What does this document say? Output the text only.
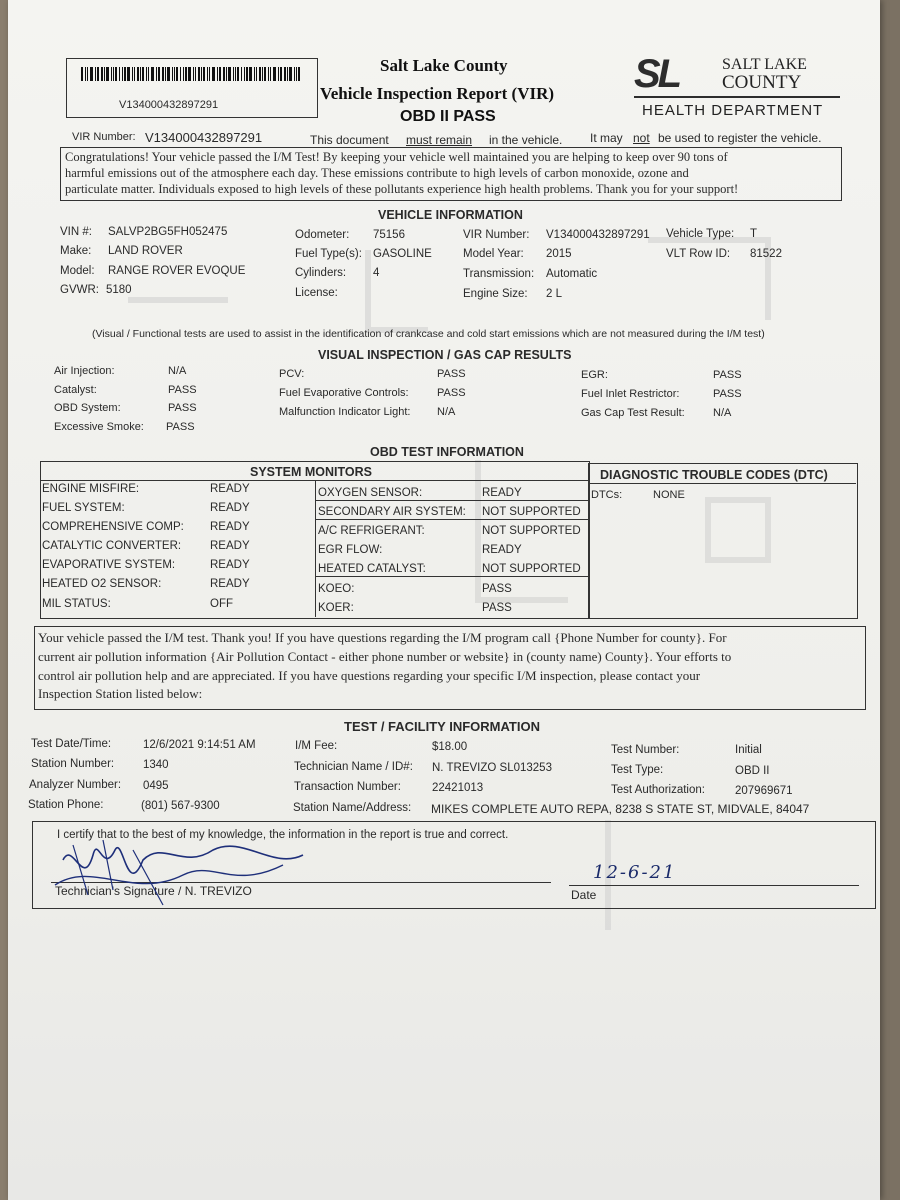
V134000432897291
Salt Lake County
Vehicle Inspection Report (VIR)
OBD II PASS
SL	SALT LAKE
COUNTY
HEALTH DEPARTMENT
VIR Number: V134000432897291	This document must remain in the vehicle. It may not be used to register the vehicle.
Congratulations! Your vehicle passed the I/M Test! By keeping your vehicle well maintained you are helping to keep over 90 tons of
harmful emissions out of the atmosphere each day. These emissions contribute to high levels of carbon monoxide, ozone and
particulate matter. Individuals exposed to high levels of these pollutants experience high health problems. Thank you for your support!
VEHICLE INFORMATION
VIN #: SALVP2BG5FH052475
Make: LAND ROVER
Model: RANGE ROVER EVOQUE
GVWR: 5180
Odometer: 75156
Fuel Type(s): GASOLINE
Cylinders: 4
License:
VIR Number: V134000432897291
Model Year: 2015
Transmission: Automatic
Engine Size: 2 L
Vehicle Type: T
VLT Row ID: 81522
(Visual / Functional tests are used to assist in the identification of crankcase and cold start emissions which are not measured during the I/M test)
VISUAL INSPECTION / GAS CAP RESULTS
Air Injection:	N/A
Catalyst:	PASS
OBD System:	PASS
Excessive Smoke: PASS
PCV:	PASS
Fuel Evaporative Controls:	PASS
Malfunction Indicator Light: N/A
EGR:	PASS
Fuel Inlet Restrictor:	PASS
Gas Cap Test Result:	N/A
OBD TEST INFORMATION
SYSTEM MONITORS	DIAGNOSTIC TROUBLE CODES (DTC)
DTCs:	NONE
ENGINE MISFIRE:	READY
FUEL SYSTEM:	READY
COMPREHENSIVE COMP: READY
CATALYTIC CONVERTER:	READY
EVAPORATIVE SYSTEM:	READY
HEATED O2 SENSOR:	READY
MIL STATUS:	OFF
OXYGEN SENSOR:	READY
SECONDARY AIR SYSTEM: NOT SUPPORTED
A/C REFRIGERANT:	NOT SUPPORTED
EGR FLOW:	READY
HEATED CATALYST:	NOT SUPPORTED
KOEO:	PASS
KOER:	PASS
Your vehicle passed the I/M test. Thank you! If you have questions regarding the I/M program call {Phone Number for county}. For
current air pollution information {Air Pollution Contact - either phone number or website} in (county name) County}. Your efforts to
control air pollution help and are appreciated. If you have questions regarding your specific I/M inspection, please contact your
Inspection Station listed below:
TEST / FACILITY INFORMATION
Test Date/Time:	12/6/2021 9:14:51 AM
Station Number:	1340
Analyzer Number: 0495
Station Phone:	(801) 567-9300
I/M Fee:	$18.00
Technician Name / ID#: N. TREVIZO SL013253
Transaction Number:	22421013
Station Name/Address: MIKES COMPLETE AUTO REPA, 8238 S STATE ST, MIDVALE, 84047
Test Number:	Initial
Test Type:	OBD II
Test Authorization:	207969671
I certify that to the best of my knowledge, the information in the report is true and correct.
Technician's Signature / N. TREVIZO	Date
12-6-21
